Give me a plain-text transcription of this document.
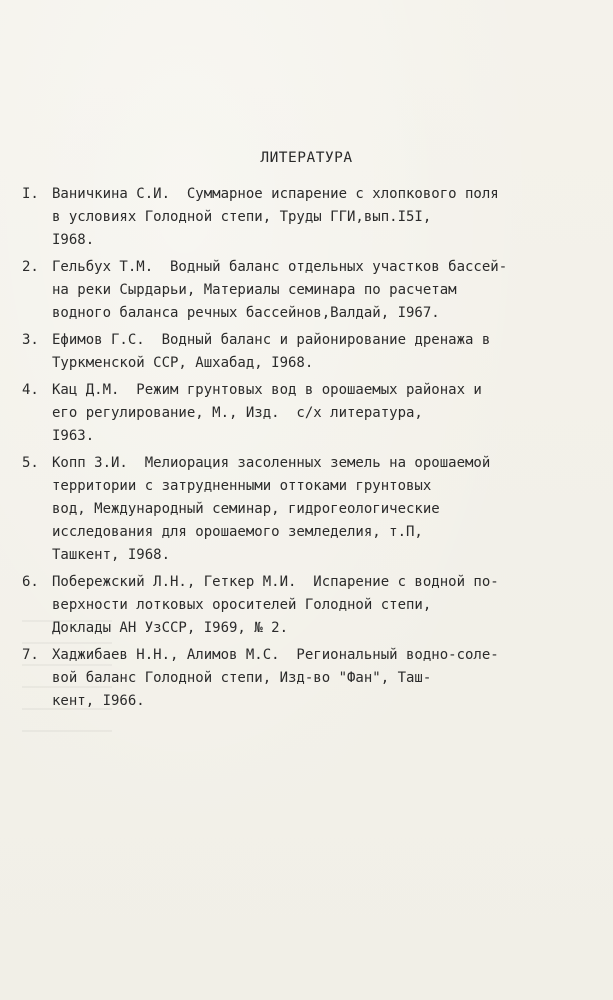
ЛИТЕРАТУРА
I. Ваничкина С.И.  Суммарное испарение с хлопкового поля
в условиях Голодной степи, Труды ГГИ,вып.I5I,
I968.
2. Гельбух Т.М.  Водный баланс отдельных участков бассей-
на реки Сырдарьи, Материалы семинара по расчетам
водного баланса речных бассейнов,Валдай, I967.
3. Ефимов Г.С.  Водный баланс и районирование дренажа в
Туркменской ССР, Ашхабад, I968.
4. Кац Д.М.  Режим грунтовых вод в орошаемых районах и
его регулирование, М., Изд.  с/х литература,
I963.
5. Копп З.И.  Мелиорация засоленных земель на орошаемой
территории с затрудненными оттоками грунтовых
вод, Международный семинар, гидрогеологические
исследования для орошаемого земледелия, т.П,
Ташкент, I968.
6. Побережский Л.Н., Геткер М.И.  Испарение с водной по-
верхности лотковых оросителей Голодной степи,
Доклады АН УзССР, I969, № 2.
7. Хаджибаев Н.Н., Алимов М.С.  Региональный водно-соле-
вой баланс Голодной степи, Изд-во "Фан", Таш-
кент, I966.
